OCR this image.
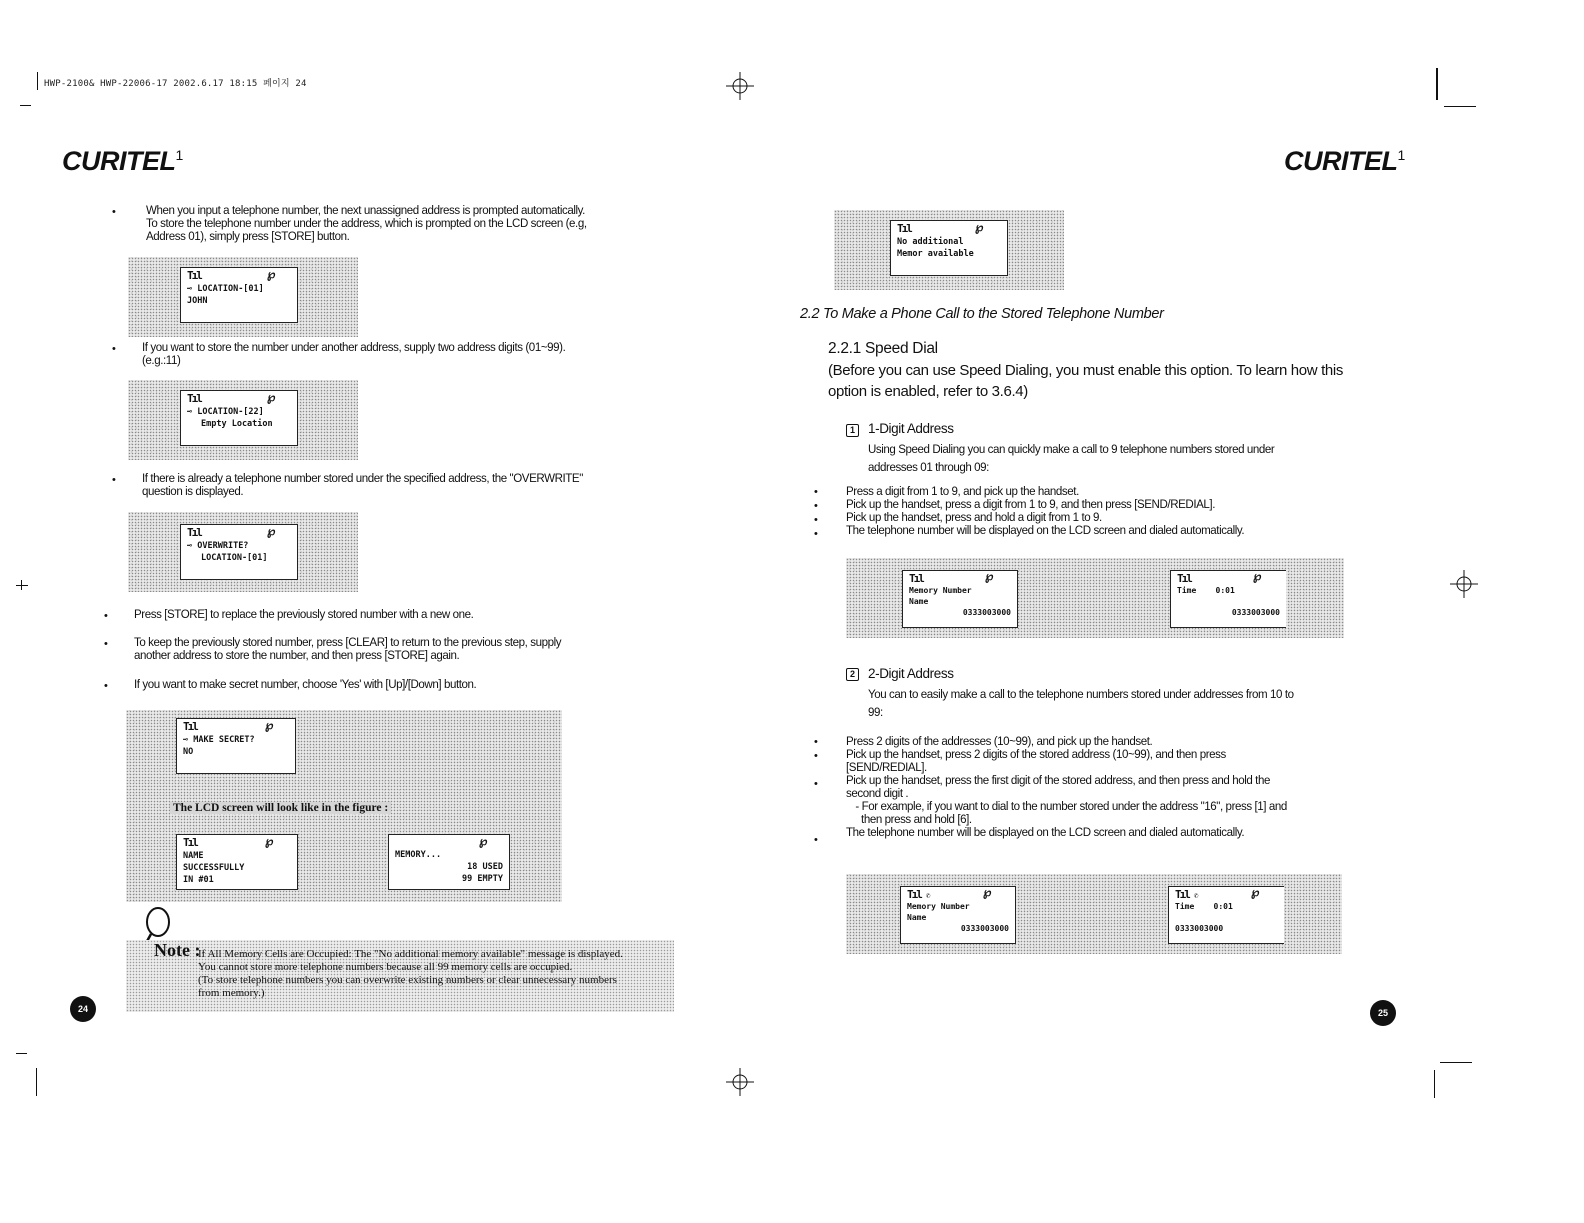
HWP-2100& HWP-22006-17 2002.6.17 18:15 페이지 24
CURITEL$^1$	CURITEL$^1$
• When you input a telephone number, the next unassigned address is prompted automatically.
To store the telephone number under the address, which is prompted on the LCD screen (e.g,
Address 01), simply press [STORE] button.
Tıl
⊸ LOCATION-[01]
JOHN
℘
• If you want to store the number under another address, supply two address digits (01~99).
(e.g.:11)
Tıl
⊸ LOCATION-[22]
Empty Location
℘
• If there is already a telephone number stored under the specified address, the "OVERWRITE"
question is displayed.
Tıl
⊸ OVERWRITE?
LOCATION-[01]
℘
• Press [STORE] to replace the previously stored number with a new one.
• To keep the previously stored number, press [CLEAR] to return to the previous step, supply
another address to store the number, and then press [STORE] again.
• If you want to make secret number, choose 'Yes' with [Up]/[Down] button.
Tıl
⊸ MAKE SECRET?
NO
℘
The LCD screen will look like in the figure :
Tıl
NAME
SUCCESSFULLY
IN #01
℘
MEMORY...
18 USED
99 EMPTY
℘
Note :
If All Memory Cells are Occupied: The "No additional memory available" message is displayed.
You cannot store more telephone numbers because all 99 memory cells are occupied.
(To store telephone numbers you can overwrite existing numbers or clear unnecessary numbers
from memory.)
24
Tıl
No additional
Memor available
℘
2.2 To Make a Phone Call to the Stored Telephone Number
2.2.1 Speed Dial
(Before you can use Speed Dialing, you must enable this option. To learn how this
option is enabled, refer to 3.6.4)
1 1-Digit Address
Using Speed Dialing you can quickly make a call to 9 telephone numbers stored under
addresses 01 through 09:
•
•
•
•
Press a digit from 1 to 9, and pick up the handset.
Pick up the handset, press a digit from 1 to 9, and then press [SEND/REDIAL].
Pick up the handset, press and hold a digit from 1 to 9.
The telephone number will be displayed on the LCD screen and dialed automatically.
Tıl
Memory Number
Name
0333003000
℘	Tıl
Time 0:01
0333003000
℘
2 2-Digit Address
You can to easily make a call to the telephone numbers stored under addresses from 10 to
99:
•
•
•
•
Press 2 digits of the addresses (10~99), and pick up the handset.
Pick up the handset, press 2 digits of the stored address (10~99), and then press
[SEND/REDIAL].
Pick up the handset, press the first digit of the stored address, and then press and hold the
second digit .
- For example, if you want to dial to the number stored under the address "16", press [1] and
then press and hold [6].
The telephone number will be displayed on the LCD screen and dialed automatically.
Tıl ✆
Memory Number
Name
0333003000
℘	Tıl ✆
Time 0:01
0333003000
℘
25
